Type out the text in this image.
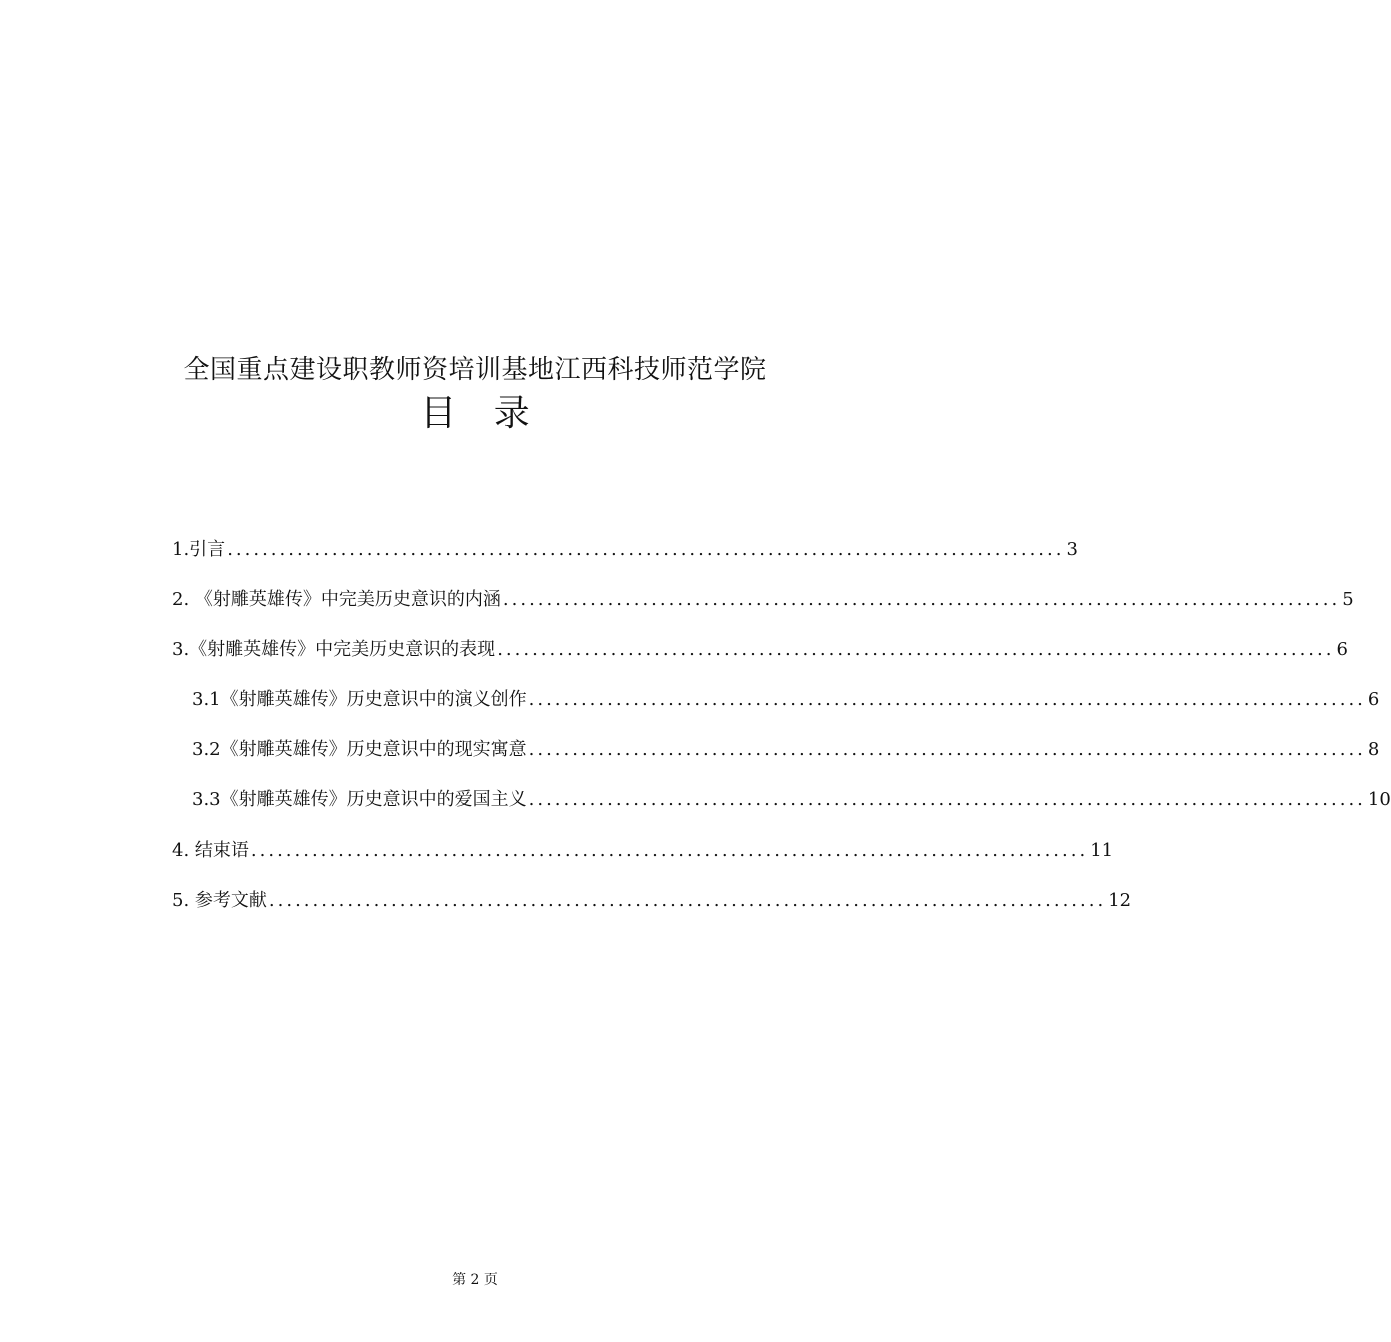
全国重点建设职教师资培训基地江西科技师范学院
目 录
1.引言 ................................................................................................ 3
2. 《射雕英雄传》中完美历史意识的内涵 ................................................................................................ 5
3.《射雕英雄传》中完美历史意识的表现 ................................................................................................ 6
3.1《射雕英雄传》历史意识中的演义创作 ................................................................................................ 6
3.2《射雕英雄传》历史意识中的现实寓意 ................................................................................................ 8
3.3《射雕英雄传》历史意识中的爱国主义 ................................................................................................ 10
4. 结束语 ................................................................................................ 11
5. 参考文献 ................................................................................................ 12
第 2 页
